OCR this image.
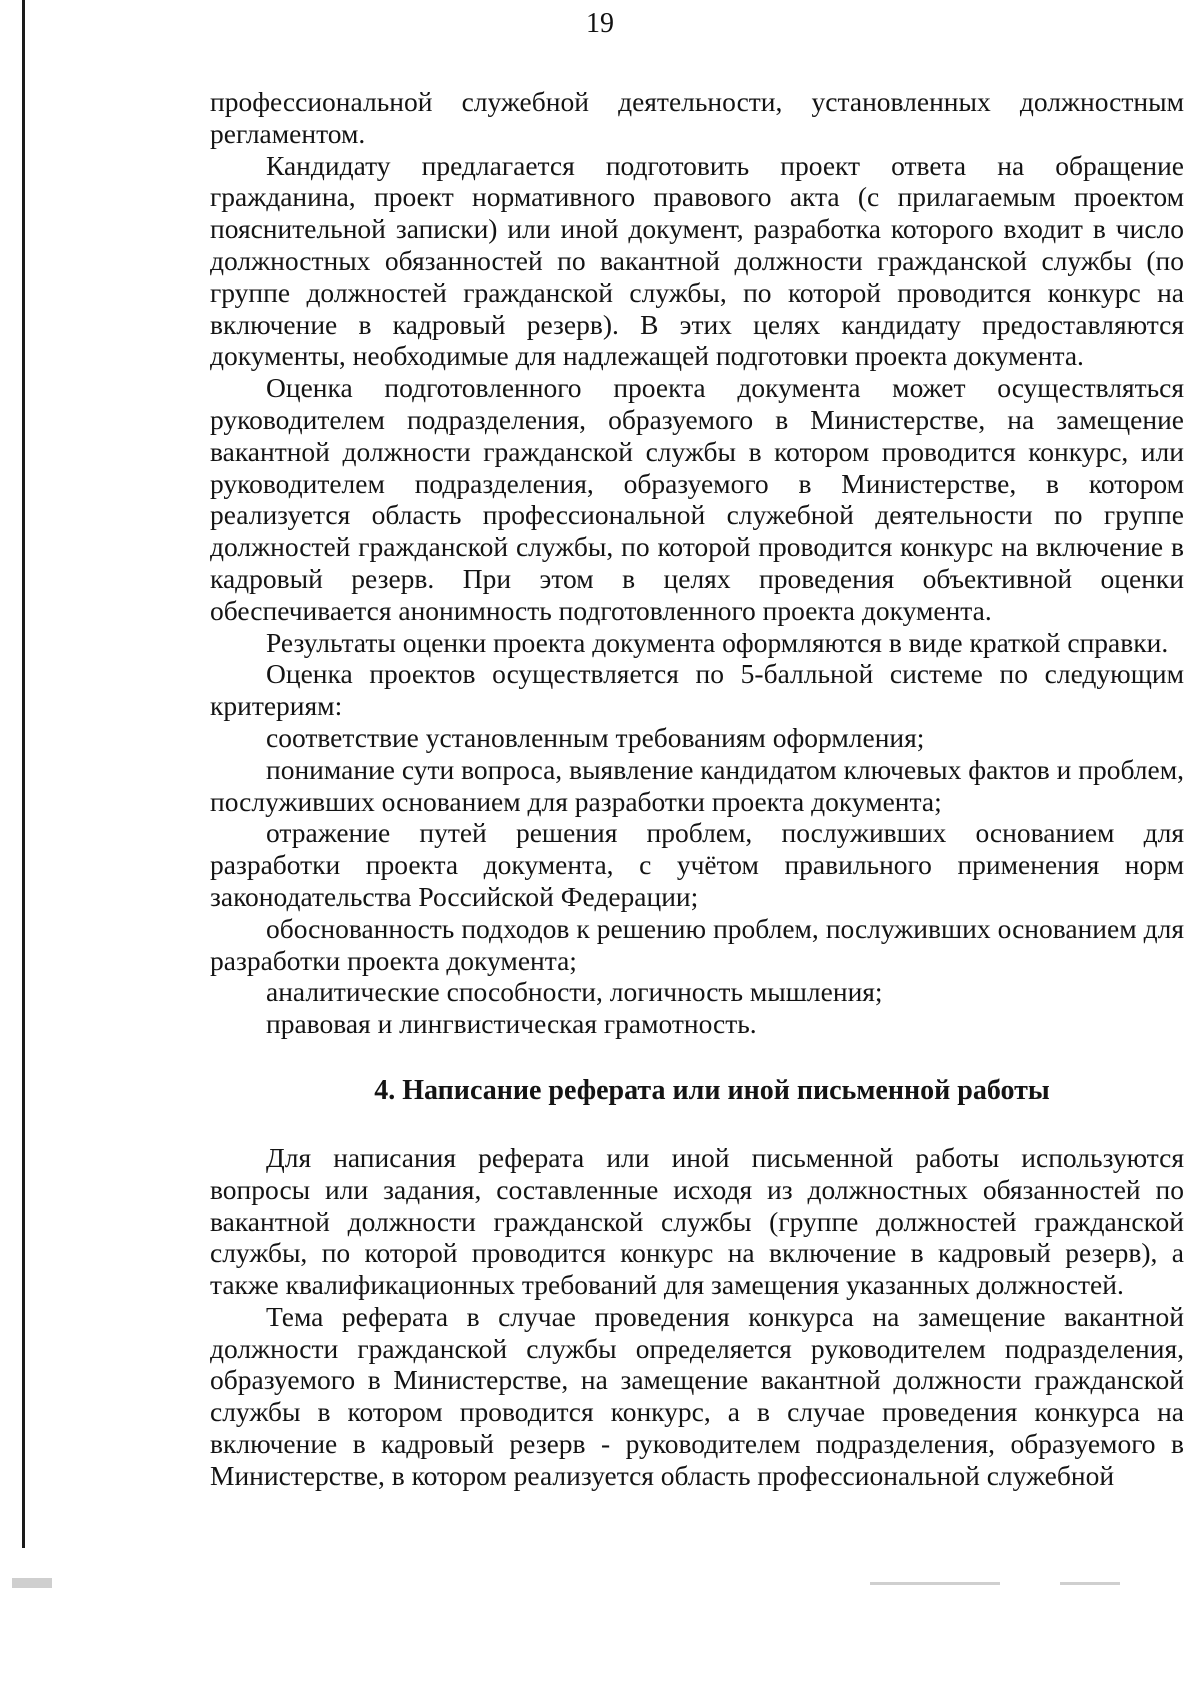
19

профессиональной служебной деятельности, установленных должностным регламентом.

Кандидату предлагается подготовить проект ответа на обращение гражданина, проект нормативного правового акта (с прилагаемым проектом пояснительной записки) или иной документ, разработка которого входит в число должностных обязанностей по вакантной должности гражданской службы (по группе должностей гражданской службы, по которой проводится конкурс на включение в кадровый резерв). В этих целях кандидату предоставляются документы, необходимые для надлежащей подготовки проекта документа.

Оценка подготовленного проекта документа может осуществляться руководителем подразделения, образуемого в Министерстве, на замещение вакантной должности гражданской службы в котором проводится конкурс, или руководителем подразделения, образуемого в Министерстве, в котором реализуется область профессиональной служебной деятельности по группе должностей гражданской службы, по которой проводится конкурс на включение в кадровый резерв. При этом в целях проведения объективной оценки обеспечивается анонимность подготовленного проекта документа.

Результаты оценки проекта документа оформляются в виде краткой справки.

Оценка проектов осуществляется по 5-балльной системе по следующим критериям:

соответствие установленным требованиям оформления;

понимание сути вопроса, выявление кандидатом ключевых фактов и проблем, послуживших основанием для разработки проекта документа;

отражение путей решения проблем, послуживших основанием для разработки проекта документа, с учётом правильного применения норм законодательства Российской Федерации;

обоснованность подходов к решению проблем, послуживших основанием для разработки проекта документа;

аналитические способности, логичность мышления;

правовая и лингвистическая грамотность.

4. Написание реферата или иной письменной работы

Для написания реферата или иной письменной работы используются вопросы или задания, составленные исходя из должностных обязанностей по вакантной должности гражданской службы (группе должностей гражданской службы, по которой проводится конкурс на включение в кадровый резерв), а также квалификационных требований для замещения указанных должностей.

Тема реферата в случае проведения конкурса на замещение вакантной должности гражданской службы определяется руководителем подразделения, образуемого в Министерстве, на замещение вакантной должности гражданской службы в котором проводится конкурс, а в случае проведения конкурса на включение в кадровый резерв - руководителем подразделения, образуемого в Министерстве, в котором реализуется область профессиональной служебной
